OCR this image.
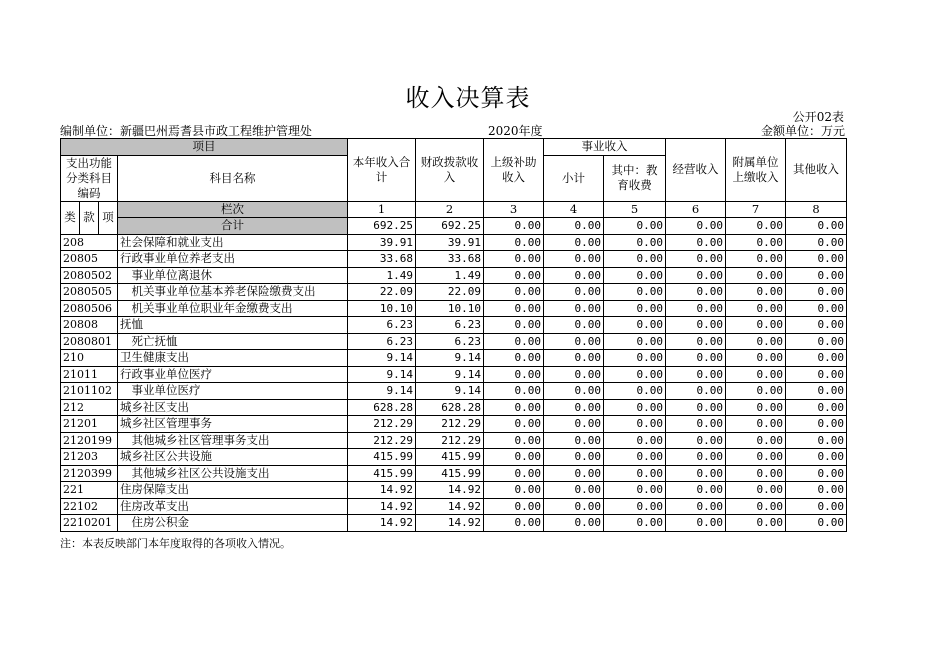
收入决算表
公开02表
编制单位：新疆巴州焉耆县市政工程维护管理处	2020年度	金额单位：万元
项目				本年收入合计	财政拨款收入	上级补助收入	事业收入		经营收入	附属单位上缴收入	其他收入
支出功能分类科目编码			科目名称				小计	其中：教育收费			

类	款	项	栏次	1	2	3	4	5	6	7	8
			合计	692.25	692.25	0.00	0.00	0.00	0.00	0.00	0.00
208			社会保障和就业支出	39.91	39.91	0.00	0.00	0.00	0.00	0.00	0.00
20805			行政事业单位养老支出	33.68	33.68	0.00	0.00	0.00	0.00	0.00	0.00
2080502			　事业单位离退休	1.49	1.49	0.00	0.00	0.00	0.00	0.00	0.00
2080505			　机关事业单位基本养老保险缴费支出	22.09	22.09	0.00	0.00	0.00	0.00	0.00	0.00
2080506			　机关事业单位职业年金缴费支出	10.10	10.10	0.00	0.00	0.00	0.00	0.00	0.00
20808			抚恤	6.23	6.23	0.00	0.00	0.00	0.00	0.00	0.00
2080801			　死亡抚恤	6.23	6.23	0.00	0.00	0.00	0.00	0.00	0.00
210			卫生健康支出	9.14	9.14	0.00	0.00	0.00	0.00	0.00	0.00
21011			行政事业单位医疗	9.14	9.14	0.00	0.00	0.00	0.00	0.00	0.00
2101102			　事业单位医疗	9.14	9.14	0.00	0.00	0.00	0.00	0.00	0.00
212			城乡社区支出	628.28	628.28	0.00	0.00	0.00	0.00	0.00	0.00
21201			城乡社区管理事务	212.29	212.29	0.00	0.00	0.00	0.00	0.00	0.00
2120199			　其他城乡社区管理事务支出	212.29	212.29	0.00	0.00	0.00	0.00	0.00	0.00
21203			城乡社区公共设施	415.99	415.99	0.00	0.00	0.00	0.00	0.00	0.00
2120399			　其他城乡社区公共设施支出	415.99	415.99	0.00	0.00	0.00	0.00	0.00	0.00
221			住房保障支出	14.92	14.92	0.00	0.00	0.00	0.00	0.00	0.00
22102			住房改革支出	14.92	14.92	0.00	0.00	0.00	0.00	0.00	0.00
2210201			　住房公积金	14.92	14.92	0.00	0.00	0.00	0.00	0.00	0.00
注：本表反映部门本年度取得的各项收入情况。
